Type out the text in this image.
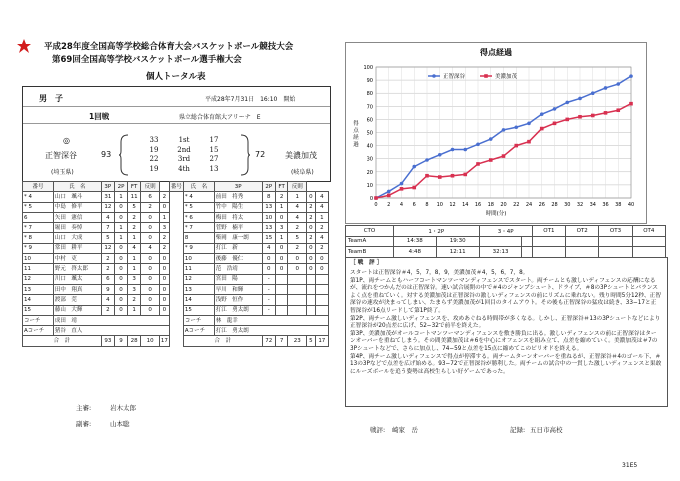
平成28年度全国高等学校総合体育大会バスケットボール競技大会
第69回全国高等学校バスケットボール選手権大会
個人トータル表
男　子	平成28年7月31日　16:10　開始
1回戦	県立総合体育館大アリーナ　E
◎
正智深谷
(埼玉県)
93
33	1st	17
19	2nd	15
22	3rd	27
19	4th	13
72 美濃加茂
(岐阜県)
番号	氏　名	3P	2P	FT	反則		番号	氏　名	3P	2P	FT	反則		
* 4	山口　颯斗	31	1	11	6	2		* 4	前田　将秀	8	2	1	0	4
* 5	中島　修平	12	0	5	2	0		* 5	竹中　陽生	13	1	4	2	4
6	矢田　憲信	4	0	2	0	1		* 6	梅田　将太	10	0	4	2	1
* 7	堀田　奏悼	7	1	2	0	3		* 7	菅野　楠平	13	3	2	0	2
* 8	山口　大成	5	1	1	0	2		8	柴岡　康一朗	15	1	5	2	4
* 9	常田　耕平	12	0	4	4	2		* 9	打江　新	4	0	2	0	2
10	中村　吏	2	0	1	0	0		10	後藤　優仁	0	0	0	0	0
11	野元　啓太郎	2	0	1	0	0		11	范　浩靖	0	0	0	0	0
12	川口　颯太	6	0	3	0	0		12	宮田　陽	-				
13	田中　翔真	9	0	3	0	0		13	早川　和輝	-				
14	渡部　莞	4	0	2	0	0		14	浅野　恒作	-				
15	藤山　大輝	2	0	1	0	0		15	打江　勇太朗	-				
コーチ	成田　靖							コーチ	林　龍幸					
Aコーチ	猪谷　直人							Aコーチ	打江　勇太朗					
合　計		93	9	28	10	17		合　計		72	7	23	5	17
主審:	岩木太郎
副審:	山本聡
得点経過
0
10
20
30
40
50
60
70
80
90
100
0 2 4 6 8 10 12 14 16 18 20 22 24 26 28 30 32 34 36 38 40
時間(分)
得
点
経
過
正智深谷	美濃加茂
CTO	1・2P		3・4P		OT1	OT2	OT3	OT4
TeamA	14:38	19:30						
TeamB	4:48	12:11	32:13					
［ 戦　評 ］

スタートは正智深谷＃4，5，7，8，9，美濃加茂＃4，5，6，7，8。

第1P、両チームともハーフコートマンツーマンディフェンスでスタート。両チームとも激しいディフェンスの応酬になるが、流れをつかんだのは正智深谷。速い試合展開の中で＃4のジャンプシュート、ドライブ、＃8の3Pシュートとバランスよく点を重ねていく。対する美濃加茂は正智深谷の激しいディフェンスの前にリズムに乗れない。残り時間5分12秒、正智深谷の速攻が決まってしまい、たまらず美濃加茂が1回目のタイムアウト。その後も正智深谷の猛攻は続き、33−17と正智深谷が16点リードして第1P終了。

第2P、両チーム激しいディフェンスを、攻めあぐねる時間帯が多くなる。しかし、正智深谷＃13の3Pシュートなどにより正智深谷が20点差に広げ、52−32で前半を終えた。

第3P、美濃加茂がオールコートマンツーマンディフェンスを敷き勝負に出る。激しいディフェンスの前に正智深谷はターンオーバーを重ねてしまう。その間美濃加茂は＃6を中心にオフェンスを組み立て、点差を縮めていく。美濃加茂は＃7の3Pシュートなどで、さらに加点し、74−59と点差を15点に縮めてこのピリオドを終える。

第4P、両チーム激しいディフェンスで得点が停滞する。両チームターンオーバーを重ねるが、正智深谷＃4のゴール下、＃13の3Pなどで点差を広げ始める。93−72で正智深谷が勝利した。両チームの試合中の一貫した激しいディフェンスと果敢にルーズボールを追う姿勢は高校生らしい好ゲームであった。

戦評: 崎家　岳	記録: 五日市高校
31E5
